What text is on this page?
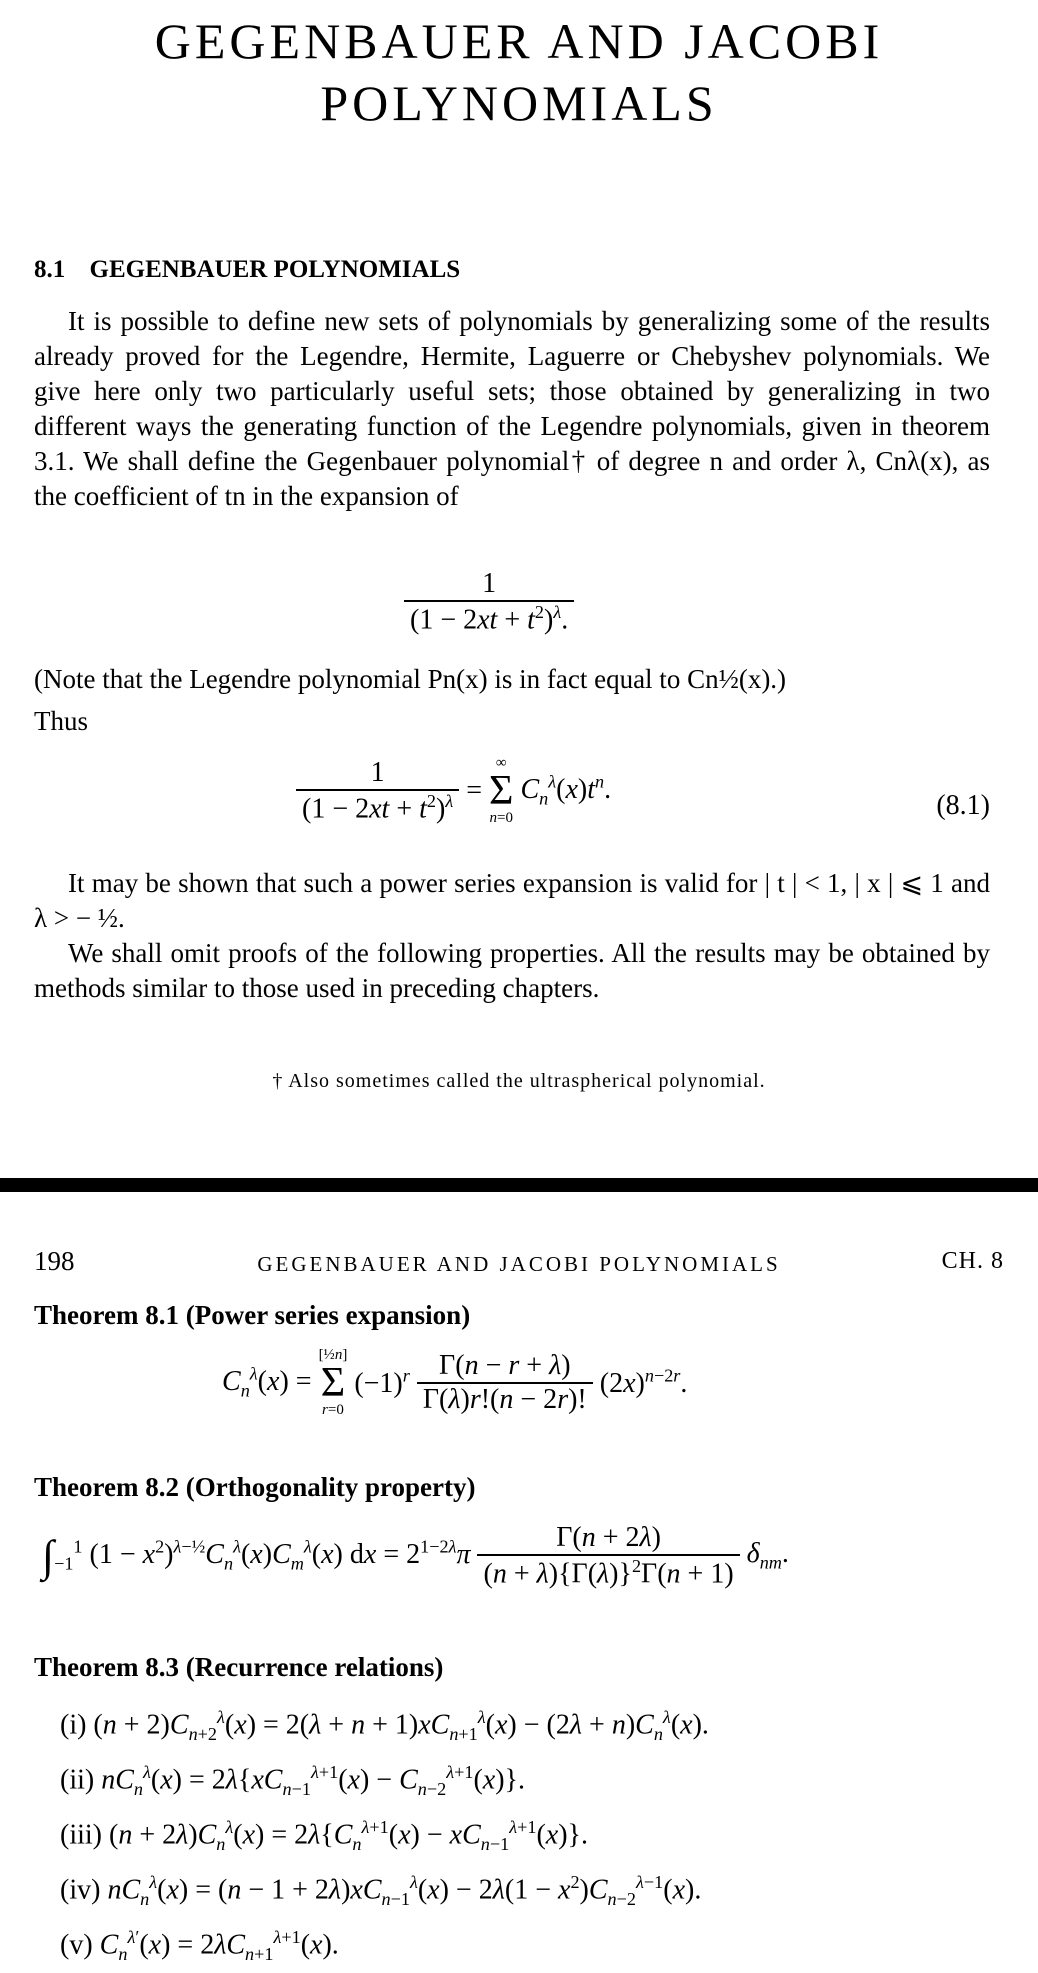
GEGENBAUER AND JACOBI
POLYNOMIALS
8.1 GEGENBAUER POLYNOMIALS
It is possible to define new sets of polynomials by generalizing some of the results already proved for the Legendre, Hermite, Laguerre or Chebyshev polynomials. We give here only two particularly useful sets; those obtained by generalizing in two different ways the generating function of the Legendre polynomials, given in theorem 3.1. We shall define the Gegenbauer polynomial† of degree n and order λ, Cnλ(x), as the coefficient of tn in the expansion of
$\frac{1}{(1 - 2xt + t^2)^\lambda.}$
(Note that the Legendre polynomial Pn(x) is in fact equal to Cn½(x).)
Thus
$\frac{1}{(1 - 2xt + t^2)^\lambda}$ =
∞
Σ
n=0
$C_n^\lambda(x)t^n$.
(8.1)
It may be shown that such a power series expansion is valid for | t | < 1, | x | ⩽ 1 and λ > − ½.
We shall omit proofs of the following properties. All the results may be obtained by methods similar to those used in preceding chapters.
† Also sometimes called the ultraspherical polynomial.
198	GEGENBAUER AND JACOBI POLYNOMIALS	CH. 8
Theorem 8.1 (Power series expansion)
$C_n^\lambda(x)$ =
[½n]
Σ
r=0
$(-1)^r \frac{\Gamma(n - r + \lambda)}{\Gamma(\lambda)r!(n - 2r)!} (2x)^{n-2r}$.
Theorem 8.2 (Orthogonality property)
$\int_{-1}^1$ $(1 - x^2)^{\lambda-\frac{1}{2}}C_n^\lambda(x)C_m^\lambda(x)$ dx = $2^{1-2\lambda}\pi \frac{\Gamma(n + 2\lambda)}{(n + \lambda)\{\Gamma(\lambda)\}^2\Gamma(n + 1)} \delta_{nm}$.
Theorem 8.3 (Recurrence relations)
(i) $(n + 2)C_{n+2}^\lambda(x) = 2(\lambda + n + 1)xC_{n+1}^\lambda(x) - (2\lambda + n)C_n^\lambda(x)$.
(ii) $nC_n^\lambda(x) = 2\lambda\{xC_{n-1}^{\lambda+1}(x) - C_{n-2}^{\lambda+1}(x)\}$.
(iii) $(n + 2\lambda)C_n^\lambda(x) = 2\lambda\{C_n^{\lambda+1}(x) - xC_{n-1}^{\lambda+1}(x)\}$.
(iv) $nC_n^\lambda(x) = (n - 1 + 2\lambda)xC_{n-1}^\lambda(x) - 2\lambda(1 - x^2)C_{n-2}^{\lambda-1}(x)$.
(v) $C_n^{\lambda'}(x) = 2\lambda C_{n+1}^{\lambda+1}(x)$.
